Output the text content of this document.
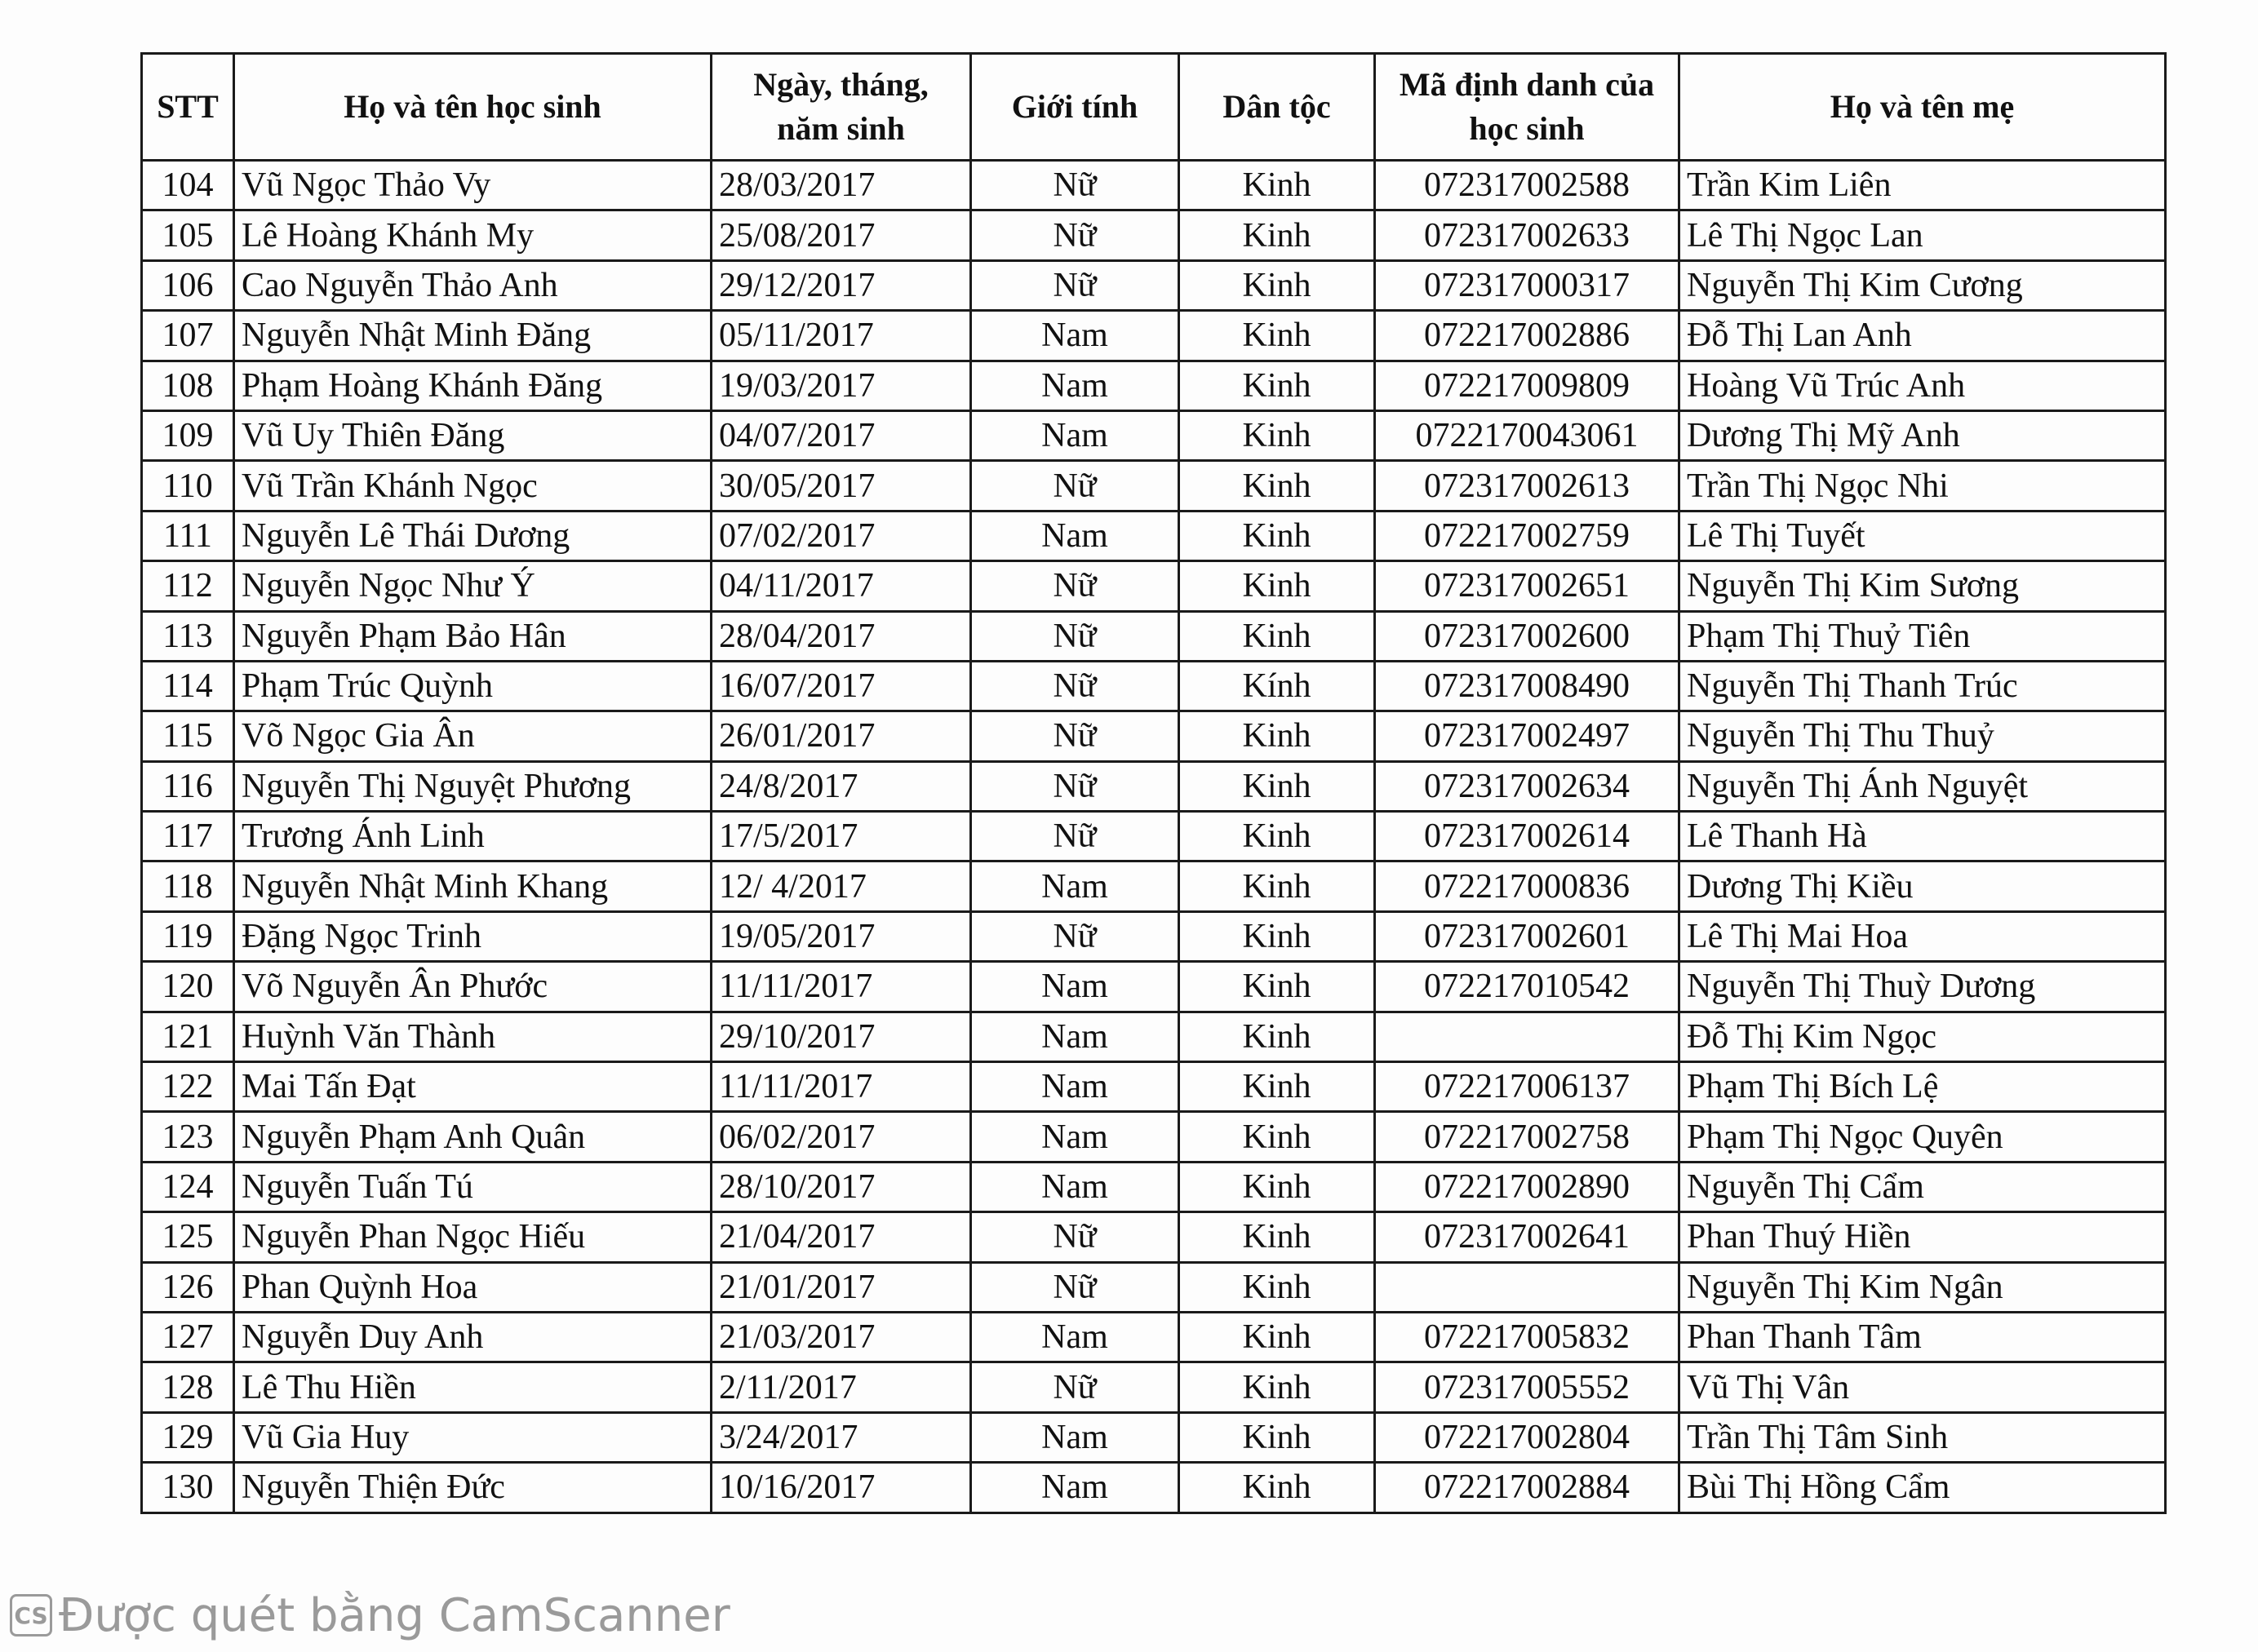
STT	Họ và tên học sinh	Ngày, tháng, năm sinh	Giới tính	Dân tộc	Mã định danh của học sinh	Họ và tên mẹ
104	Vũ Ngọc Thảo Vy	28/03/2017	Nữ	Kinh	072317002588	Trần Kim Liên
105	Lê Hoàng Khánh My	25/08/2017	Nữ	Kinh	072317002633	Lê Thị Ngọc Lan
106	Cao Nguyễn Thảo Anh	29/12/2017	Nữ	Kinh	072317000317	Nguyễn Thị Kim Cương
107	Nguyễn Nhật Minh Đăng	05/11/2017	Nam	Kinh	072217002886	Đỗ Thị Lan Anh
108	Phạm Hoàng Khánh Đăng	19/03/2017	Nam	Kinh	072217009809	Hoàng Vũ Trúc Anh
109	Vũ Uy Thiên Đăng	04/07/2017	Nam	Kinh	0722170043061	Dương Thị Mỹ Anh
110	Vũ Trần Khánh Ngọc	30/05/2017	Nữ	Kinh	072317002613	Trần Thị Ngọc Nhi
111	Nguyễn Lê Thái Dương	07/02/2017	Nam	Kinh	072217002759	Lê Thị Tuyết
112	Nguyễn Ngọc Như Ý	04/11/2017	Nữ	Kinh	072317002651	Nguyễn Thị Kim Sương
113	Nguyễn Phạm Bảo Hân	28/04/2017	Nữ	Kinh	072317002600	Phạm Thị Thuỷ Tiên
114	Phạm Trúc Quỳnh	16/07/2017	Nữ	Kính	072317008490	Nguyễn Thị Thanh Trúc
115	Võ Ngọc Gia Ân	26/01/2017	Nữ	Kinh	072317002497	Nguyễn Thị Thu Thuỷ
116	Nguyễn Thị Nguyệt Phương	24/8/2017	Nữ	Kinh	072317002634	Nguyễn Thị Ánh Nguyệt
117	Trương Ánh Linh	17/5/2017	Nữ	Kinh	072317002614	Lê Thanh Hà
118	Nguyễn Nhật Minh Khang	12/ 4/2017	Nam	Kinh	072217000836	Dương Thị Kiều
119	Đặng Ngọc Trinh	19/05/2017	Nữ	Kinh	072317002601	Lê Thị Mai Hoa
120	Võ Nguyễn Ân Phước	11/11/2017	Nam	Kinh	072217010542	Nguyễn Thị Thuỳ Dương
121	Huỳnh Văn Thành	29/10/2017	Nam	Kinh		Đỗ Thị Kim Ngọc
122	Mai Tấn Đạt	11/11/2017	Nam	Kinh	072217006137	Phạm Thị Bích Lệ
123	Nguyễn Phạm Anh Quân	06/02/2017	Nam	Kinh	072217002758	Phạm Thị Ngọc Quyên
124	Nguyễn Tuấn Tú	28/10/2017	Nam	Kinh	072217002890	Nguyễn Thị Cẩm
125	Nguyễn Phan Ngọc Hiếu	21/04/2017	Nữ	Kinh	072317002641	Phan Thuý Hiền
126	Phan Quỳnh Hoa	21/01/2017	Nữ	Kinh		Nguyễn Thị Kim Ngân
127	Nguyễn Duy Anh	21/03/2017	Nam	Kinh	072217005832	Phan Thanh Tâm
128	Lê Thu Hiền	2/11/2017	Nữ	Kinh	072317005552	Vũ Thị Vân
129	Vũ Gia Huy	3/24/2017	Nam	Kinh	072217002804	Trần Thị Tâm Sinh
130	Nguyễn Thiện Đức	10/16/2017	Nam	Kinh	072217002884	Bùi Thị Hồng Cẩm
CS Được quét bằng CamScanner
